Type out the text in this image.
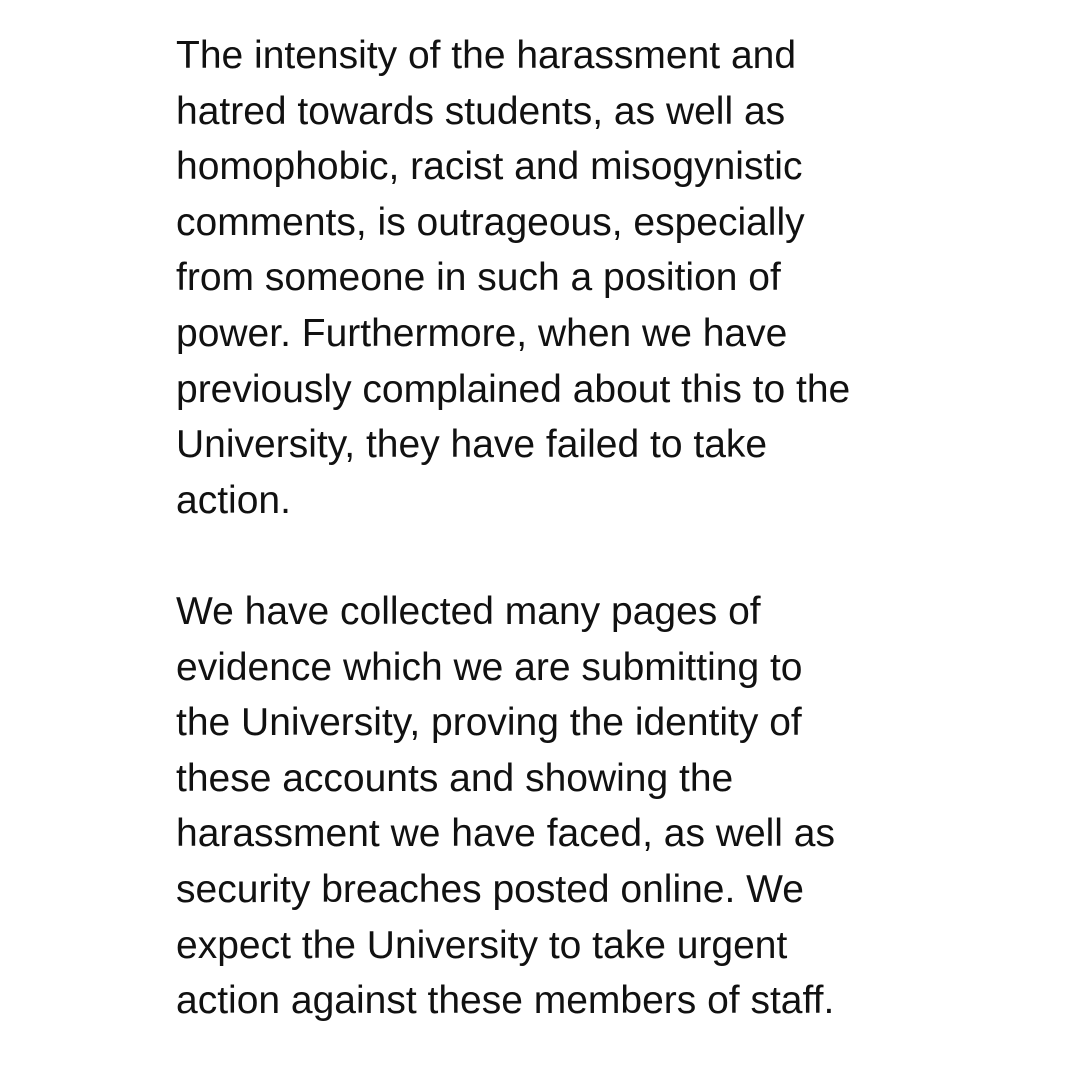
The intensity of the harassment and
hatred towards students, as well as
homophobic, racist and misogynistic
comments, is outrageous, especially
from someone in such a position of
power. Furthermore, when we have
previously complained about this to the
University, they have failed to take
action.
We have collected many pages of
evidence which we are submitting to
the University, proving the identity of
these accounts and showing the
harassment we have faced, as well as
security breaches posted online. We
expect the University to take urgent
action against these members of staff.
